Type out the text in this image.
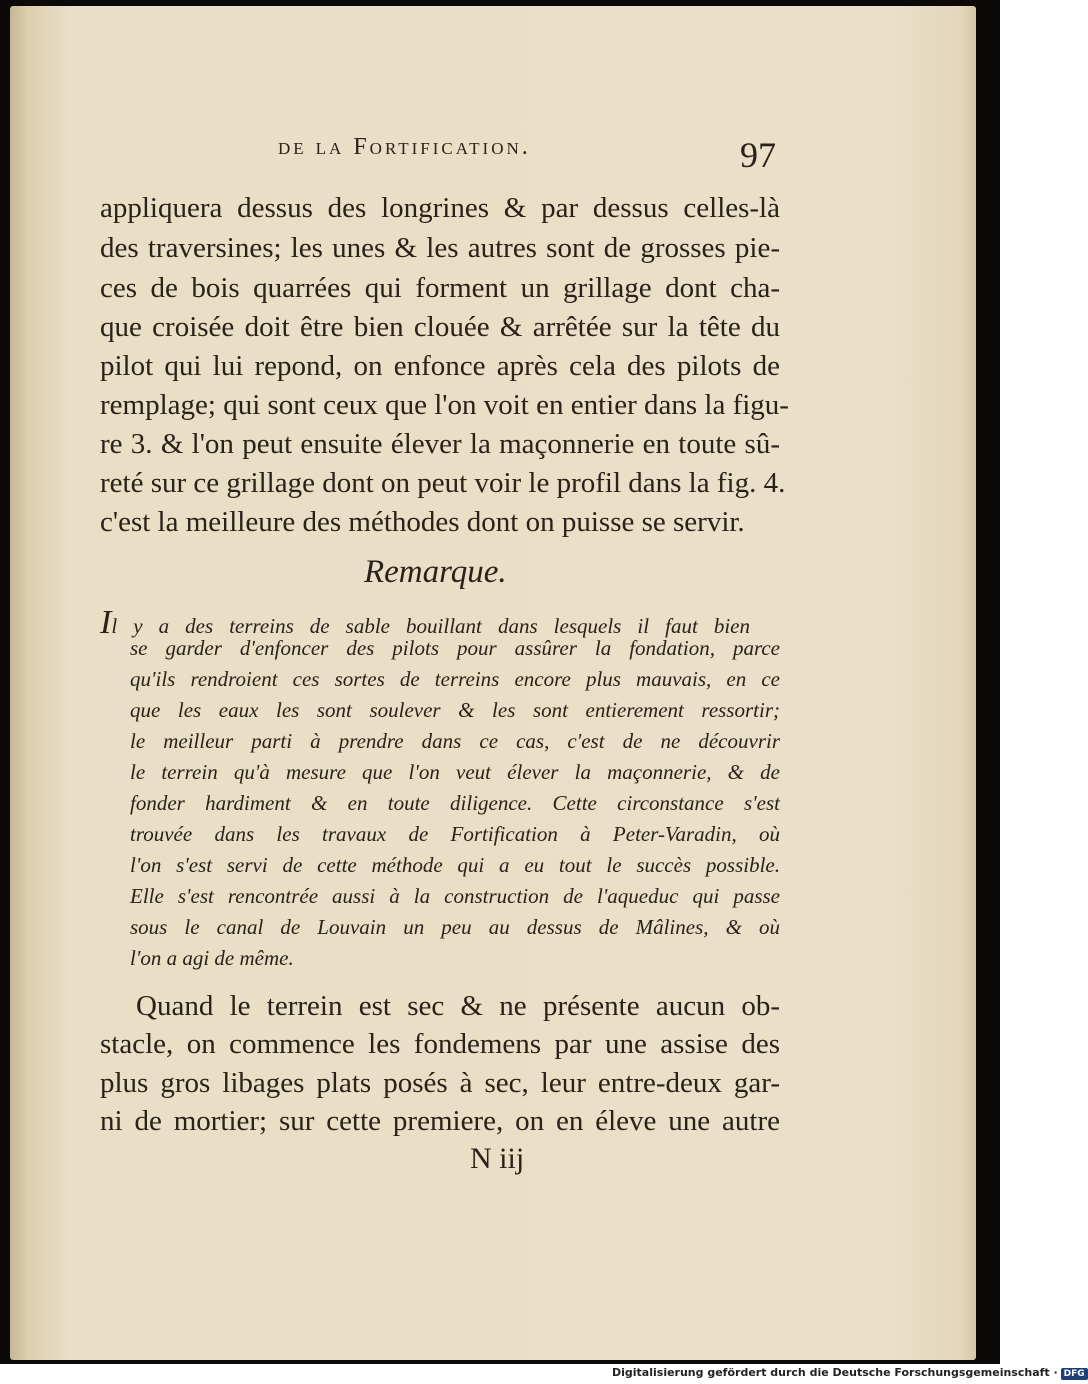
de la Fortification.	97
appliquera dessus des longrines & par dessus celles-là
des traversines; les unes & les autres sont de grosses pie-
ces de bois quarrées qui forment un grillage dont cha-
que croisée doit être bien clouée & arrêtée sur la tête du
pilot qui lui repond, on enfonce après cela des pilots de
remplage; qui sont ceux que l'on voit en entier dans la figu-
re 3. & l'on peut ensuite élever la maçonnerie en toute sû-
reté sur ce grillage dont on peut voir le profil dans la fig. 4.
c'est la meilleure des méthodes dont on puisse se servir.
Remarque.
Il y a des terreins de sable bouillant dans lesquels il faut bien
se garder d'enfoncer des pilots pour assûrer la fondation, parce
qu'ils rendroient ces sortes de terreins encore plus mauvais, en ce
que les eaux les sont soulever & les sont entierement ressortir;
le meilleur parti à prendre dans ce cas, c'est de ne découvrir
le terrein qu'à mesure que l'on veut élever la maçonnerie, & de
fonder hardiment & en toute diligence. Cette circonstance s'est
trouvée dans les travaux de Fortification à Peter-Varadin, où
l'on s'est servi de cette méthode qui a eu tout le succès possible.
Elle s'est rencontrée aussi à la construction de l'aqueduc qui passe
sous le canal de Louvain un peu au dessus de Mâlines, & où
l'on a agi de même.
Quand le terrein est sec & ne présente aucun ob-
stacle, on commence les fondemens par une assise des
plus gros libages plats posés à sec, leur entre-deux gar-
ni de mortier; sur cette premiere, on en éleve une autre
N iij
Digitalisierung gefördert durch die Deutsche Forschungsgemeinschaft · DFG
